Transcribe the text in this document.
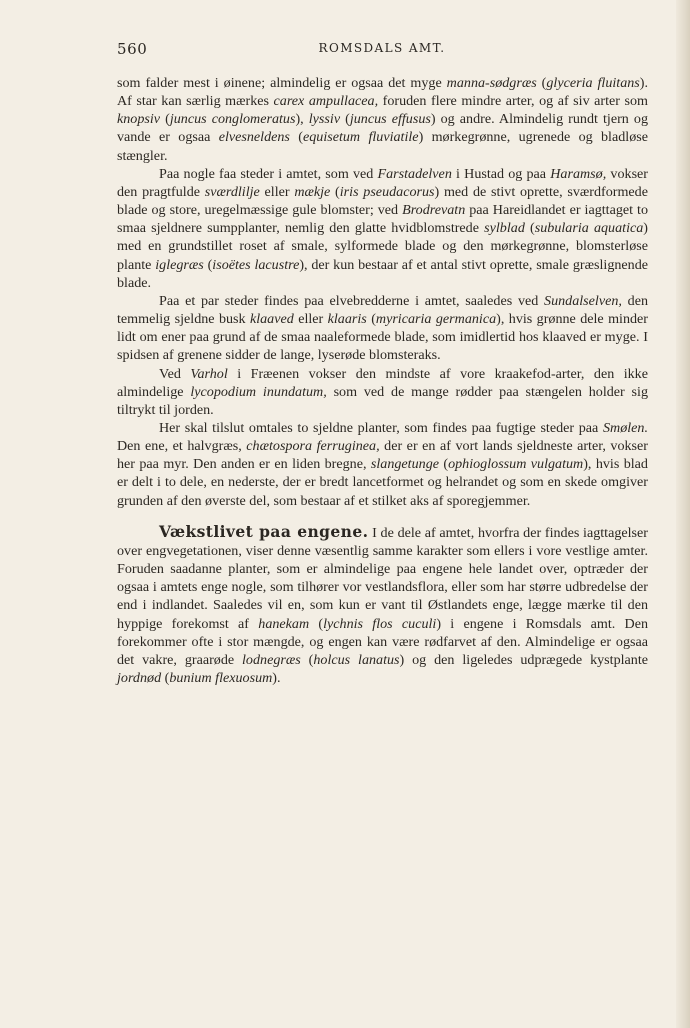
560	ROMSDALS AMT.

som falder mest i øinene; almindelig er ogsaa det myge manna-sødgræs (glyceria fluitans). Af star kan særlig mærkes carex ampullacea, foruden flere mindre arter, og af siv arter som knopsiv (juncus conglomeratus), lyssiv (juncus effusus) og andre. Almindelig rundt tjern og vande er ogsaa elvesneldens (equisetum fluviatile) mørkegrønne, ugrenede og bladløse stængler.

Paa nogle faa steder i amtet, som ved Farstadelven i Hustad og paa Haramsø, vokser den pragtfulde sværdlilje eller mækje (iris pseudacorus) med de stivt oprette, sværdformede blade og store, uregelmæssige gule blomster; ved Brodrevatn paa Hareidlandet er iagttaget to smaa sjeldnere sumpplanter, nemlig den glatte hvidblomstrede sylblad (subularia aquatica) med en grundstillet roset af smale, sylformede blade og den mørkegrønne, blomsterløse plante iglegræs (isoëtes lacustre), der kun bestaar af et antal stivt oprette, smale græslignende blade.

Paa et par steder findes paa elvebredderne i amtet, saaledes ved Sundalselven, den temmelig sjeldne busk klaaved eller klaaris (myricaria germanica), hvis grønne dele minder lidt om ener paa grund af de smaa naaleformede blade, som imidlertid hos klaaved er myge. I spidsen af grenene sidder de lange, lyserøde blomsteraks.

Ved Varhol i Fræenen vokser den mindste af vore kraakefod-arter, den ikke almindelige lycopodium inundatum, som ved de mange rødder paa stængelen holder sig tiltrykt til jorden.

Her skal tilslut omtales to sjeldne planter, som findes paa fugtige steder paa Smølen. Den ene, et halvgræs, chætospora ferruginea, der er en af vort lands sjeldneste arter, vokser her paa myr. Den anden er en liden bregne, slangetunge (ophioglossum vulgatum), hvis blad er delt i to dele, en nederste, der er bredt lancetformet og helrandet og som en skede omgiver grunden af den øverste del, som bestaar af et stilket aks af sporegjemmer.

Vækstlivet paa engene. I de dele af amtet, hvorfra der findes iagttagelser over engvegetationen, viser denne væsentlig samme karakter som ellers i vore vestlige amter. Foruden saadanne planter, som er almindelige paa engene hele landet over, optræder der ogsaa i amtets enge nogle, som tilhører vor vestlandsflora, eller som har større udbredelse der end i indlandet. Saaledes vil en, som kun er vant til Østlandets enge, lægge mærke til den hyppige forekomst af hanekam (lychnis flos cuculi) i engene i Romsdals amt. Den forekommer ofte i stor mængde, og engen kan være rødfarvet af den. Almindelige er ogsaa det vakre, graarøde lodnegræs (holcus lanatus) og den ligeledes udprægede kystplante jordnød (bunium flexuosum).
